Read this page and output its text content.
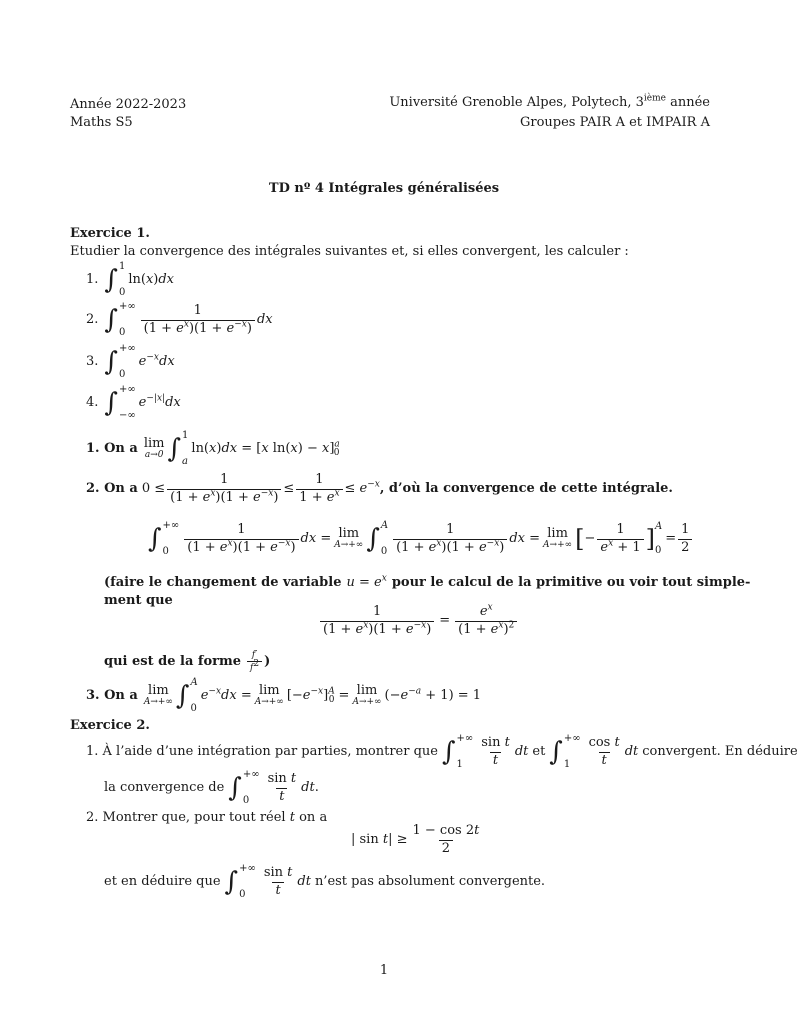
Année 2022-2023
Maths S5
Université Grenoble Alpes, Polytech, 3ième année
Groupes PAIR A et IMPAIR A
TD nº 4 Intégrales généralisées
Exercice 1.
Etudier la convergence des intégrales suivantes et, si elles convergent, les calculer :
1. ∫ 1
0
ln(x)dx
2. ∫ +∞
0	$\frac{1}{(1 + e^x)(1 + e^{-x})}$ dx
3. ∫ +∞
0
$e^{-x}dx$
4. ∫ +∞
−∞
$e^{-|x|}dx$
1. On a lim
a→0 ∫ 1
a
ln(x)dx = [x ln(x) − x]$^a_0$
2. On a $0 \le \frac{1}{(1 + e^x)(1 + e^{-x})} \le \frac{1}{1 + e^x} \le e^{-x}$ , d’où la convergence de cette intégrale.
∫ +∞
0	$\frac{1}{(1 + e^x)(1 + e^{-x})}$ dx = lim
A→+∞ ∫ A
$0 \frac{1}{(1 + e^x)(1 + e^{-x})}$ dx = lim
A→+∞ [ − $\frac{1}{e^x + 1}$ ] A
0
= $\frac{1}{2}$
(faire le changement de variable $u = e^x$ pour le calcul de la primitive ou voir tout simple-
ment que
$\frac{1}{(1 + e^x)(1 + e^{-x})} = \frac{e^x}{(1 + e^x)^2}$
qui est de la forme $\frac{f'}{f^2}$ )
3. On a lim
A→+∞ ∫ A
0
$e^{-x}dx = \lim$
A→+∞ $[-e^{-x}]^A_0 = \lim$
A→+∞ $(-e^{-a} + 1) = 1$
Exercice 2.
1. À l’aide d’une intégration par parties, montrer que ∫ +∞
1	$\frac{\text{sin t}}{t}$ dt et ∫ +∞
1	$\frac{\text{cos t}}{t}$ dt convergent. En déduire
la convergence de ∫ +∞
0	$\frac{\text{sin t}}{t}$ dt.
2. Montrer que, pour tout réel t on a
| $\sin t| \ge \frac{1 - \cos 2t}{2}$
et en déduire que ∫ +∞
0	$\frac{\text{sin t}}{t}$ dt n’est pas absolument convergente.
1
